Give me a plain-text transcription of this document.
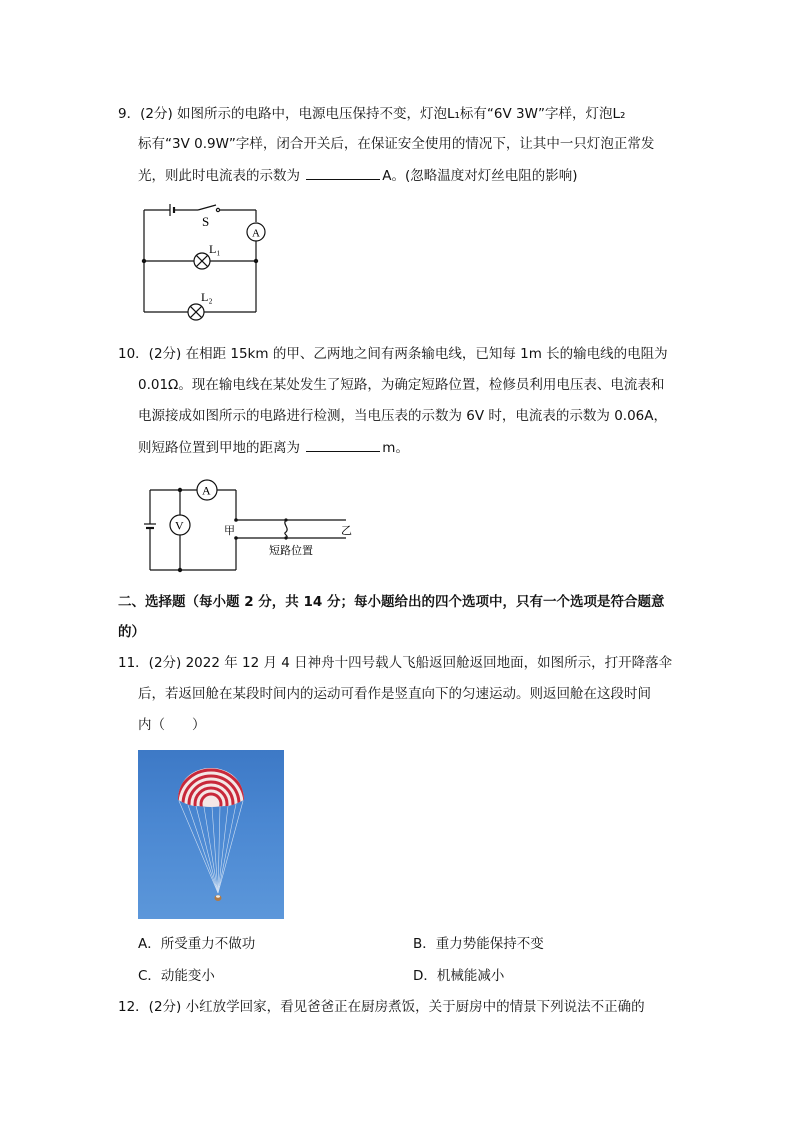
9．(2分) 如图所示的电路中，电源电压保持不变，灯泡L₁标有“6V 3W”字样，灯泡L₂
标有“3V 0.9W”字样，闭合开关后，在保证安全使用的情况下，让其中一只灯泡正常发
光，则此时电流表的示数为	A。(忽略温度对灯丝电阻的影响)
S
A
L₁
L₂
10．(2分) 在相距 15km 的甲、乙两地之间有两条输电线，已知每 1m 长的输电线的电阻为
0.01Ω。现在输电线在某处发生了短路，为确定短路位置，检修员利用电压表、电流表和
电源接成如图所示的电路进行检测，当电压表的示数为 6V 时，电流表的示数为 0.06A，
则短路位置到甲地的距离为	m。
A
V	甲	乙
短路位置
二、选择题（每小题 2 分，共 14 分；每小题给出的四个选项中，只有一个选项是符合题意
的）
11．(2分) 2022 年 12 月 4 日神舟十四号载人飞船返回舱返回地面，如图所示，打开降落伞
后，若返回舱在某段时间内的运动可看作是竖直向下的匀速运动。则返回舱在这段时间
内（　　）
A．所受重力不做功	B．重力势能保持不变
C．动能变小	D．机械能减小
12．(2分) 小红放学回家，看见爸爸正在厨房煮饭，关于厨房中的情景下列说法不正确的
